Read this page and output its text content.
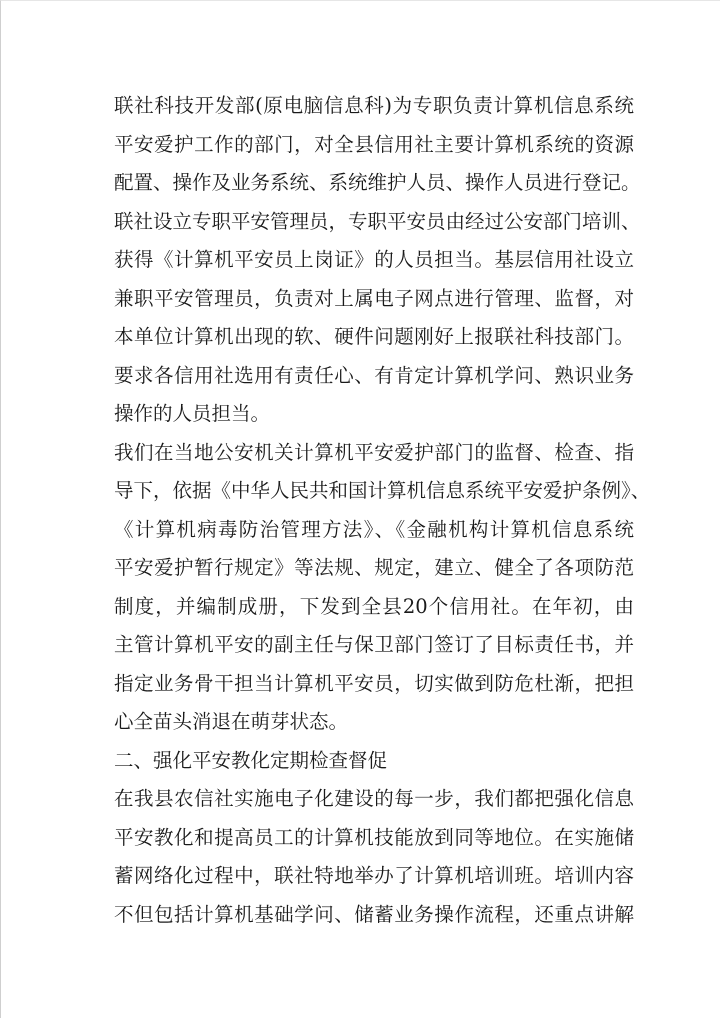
联社科技开发部(原电脑信息科)为专职负责计算机信息系统
平安爱护工作的部门，对全县信用社主要计算机系统的资源
配置、操作及业务系统、系统维护人员、操作人员进行登记。
联社设立专职平安管理员，专职平安员由经过公安部门培训、
获得《计算机平安员上岗证》的人员担当。基层信用社设立
兼职平安管理员，负责对上属电子网点进行管理、监督，对
本单位计算机出现的软、硬件问题刚好上报联社科技部门。
要求各信用社选用有责任心、有肯定计算机学问、熟识业务
操作的人员担当。
我们在当地公安机关计算机平安爱护部门的监督、检查、指
导下，依据《中华人民共和国计算机信息系统平安爱护条例》、
《计算机病毒防治管理方法》、《金融机构计算机信息系统
平安爱护暂行规定》等法规、规定，建立、健全了各项防范
制度，并编制成册，下发到全县20个信用社。在年初，由
主管计算机平安的副主任与保卫部门签订了目标责任书，并
指定业务骨干担当计算机平安员，切实做到防危杜渐，把担
心全苗头消退在萌芽状态。
二、强化平安教化定期检查督促
在我县农信社实施电子化建设的每一步，我们都把强化信息
平安教化和提高员工的计算机技能放到同等地位。在实施储
蓄网络化过程中，联社特地举办了计算机培训班。培训内容
不但包括计算机基础学问、储蓄业务操作流程，还重点讲解
